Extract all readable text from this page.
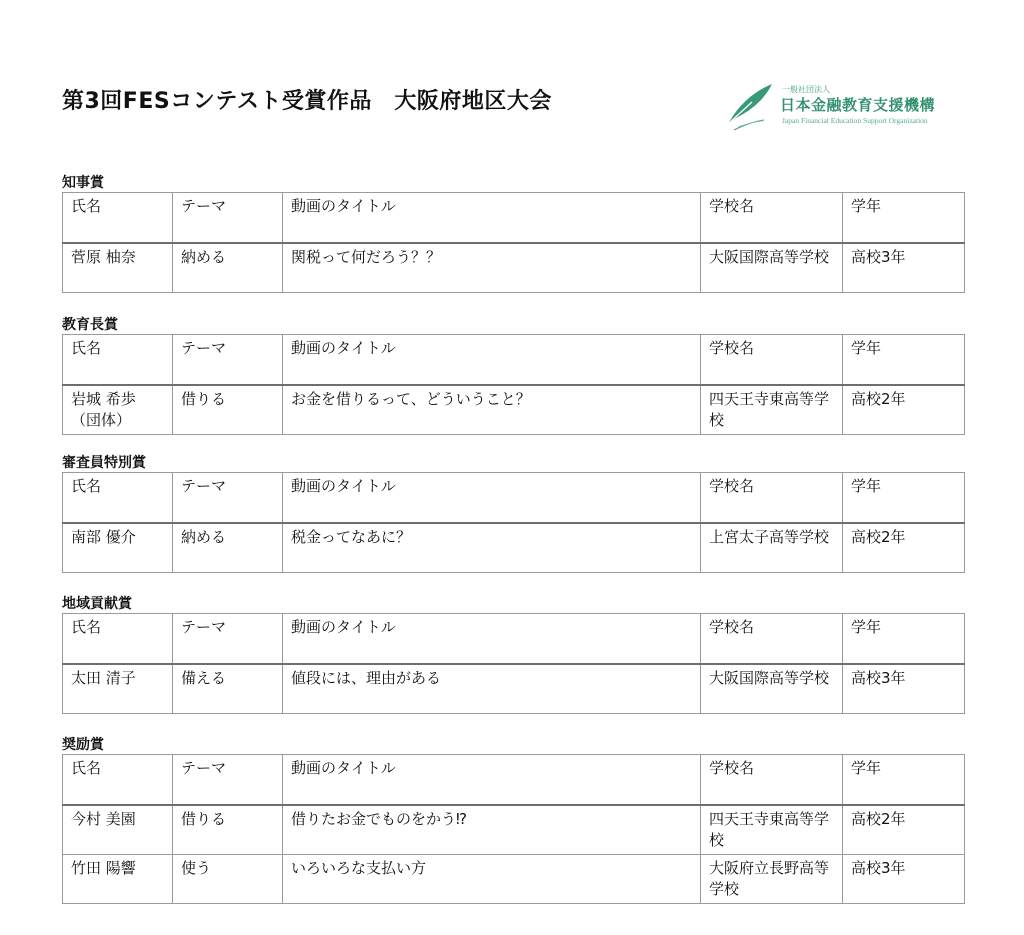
第3回FESコンテスト受賞作品　大阪府地区大会	一般社団法人
日本金融教育支援機構
Japan Financial Education Support Organization
知事賞
氏名	テーマ	動画のタイトル	学校名	学年
菅原 柚奈	納める	関税って何だろう？？	大阪国際高等学校	高校3年
教育長賞
氏名	テーマ	動画のタイトル	学校名	学年
岩城 希歩（団体）	借りる	お金を借りるって、どういうこと？	四天王寺東高等学校	高校2年
審査員特別賞
氏名	テーマ	動画のタイトル	学校名	学年
南部 優介	納める	税金ってなあに？	上宮太子高等学校	高校2年
地域貢献賞
氏名	テーマ	動画のタイトル	学校名	学年
太田 清子	備える	値段には、理由がある	大阪国際高等学校	高校3年
奨励賞
氏名	テーマ	動画のタイトル	学校名	学年
今村 美園	借りる	借りたお金でものをかう⁉	四天王寺東高等学校	高校2年
竹田 陽響	使う	いろいろな支払い方	大阪府立長野高等学校	高校3年
